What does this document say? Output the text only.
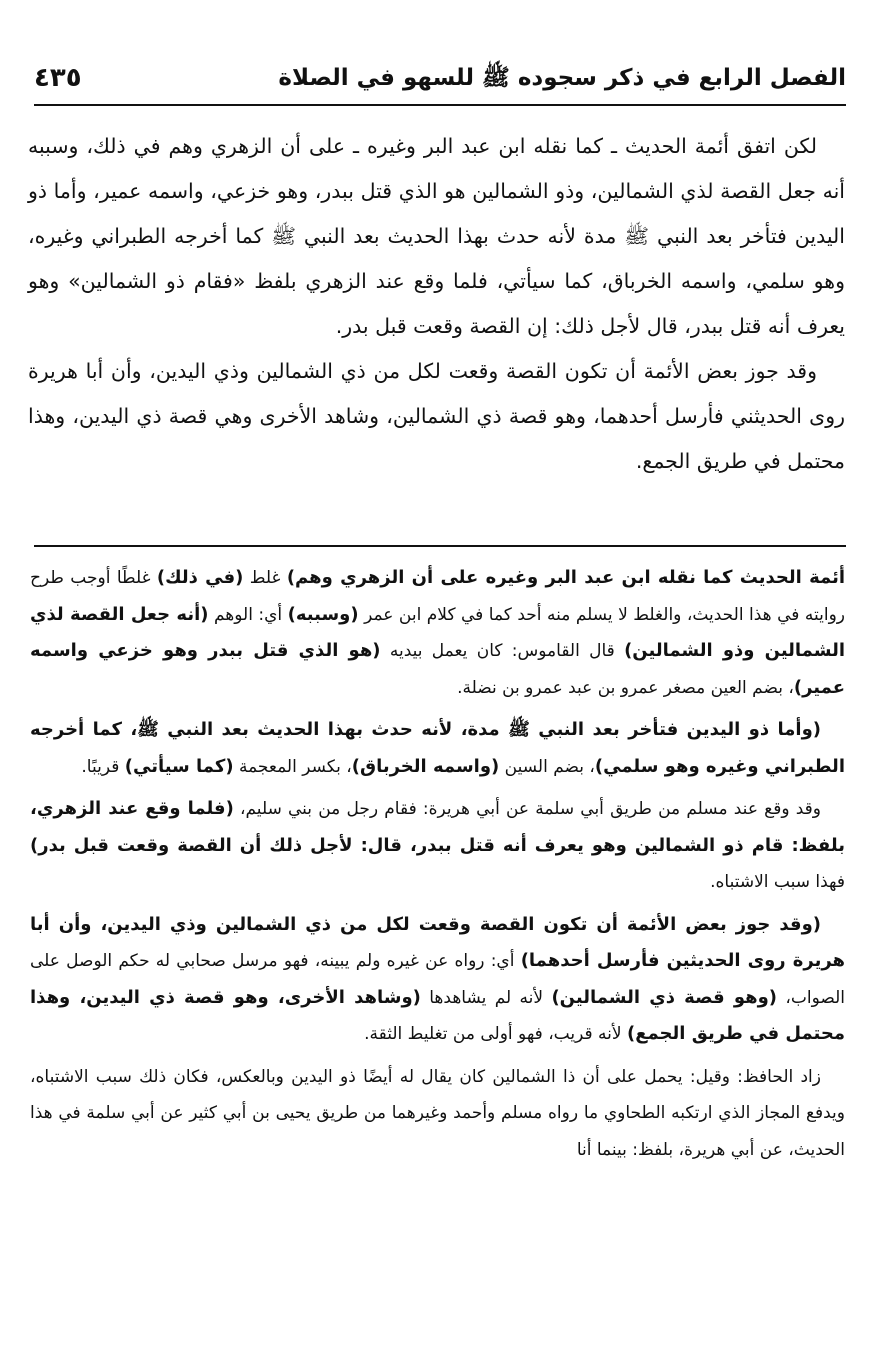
الفصل الرابع في ذكر سجوده ﷺ للسهو في الصلاة
٤٣٥

لكن اتفق أئمة الحديث ـ كما نقله ابن عبد البر وغيره ـ على أن الزهري وهم في ذلك، وسببه أنه جعل القصة لذي الشمالين، وذو الشمالين هو الذي قتل ببدر، وهو خزعي، واسمه عمير، وأما ذو اليدين فتأخر بعد النبي ﷺ مدة لأنه حدث بهذا الحديث بعد النبي ﷺ كما أخرجه الطبراني وغيره، وهو سلمي، واسمه الخرباق، كما سيأتي، فلما وقع عند الزهري بلفظ «فقام ذو الشمالين» وهو يعرف أنه قتل ببدر، قال لأجل ذلك: إن القصة وقعت قبل بدر.

وقد جوز بعض الأئمة أن تكون القصة وقعت لكل من ذي الشمالين وذي اليدين، وأن أبا هريرة روى الحديثني فأرسل أحدهما، وهو قصة ذي الشمالين، وشاهد الأخرى وهي قصة ذي اليدين، وهذا محتمل في طريق الجمع.

أئمة الحديث كما نقله ابن عبد البر وغيره على أن الزهري وهم) غلط (في ذلك) غلطًا أوجب طرح روايته في هذا الحديث، والغلط لا يسلم منه أحد كما في كلام ابن عمر (وسببه) أي: الوهم (أنه جعل القصة لذي الشمالين وذو الشمالين) قال القاموس: كان يعمل بيديه (هو الذي قتل ببدر وهو خزعي واسمه عمير)، بضم العين مصغر عمرو بن عبد عمرو بن نضلة.

(وأما ذو اليدين فتأخر بعد النبي ﷺ مدة، لأنه حدث بهذا الحديث بعد النبي ﷺ، كما أخرجه الطبراني وغيره وهو سلمي)، بضم السين (واسمه الخرباق)، بكسر المعجمة (كما سيأتي) قريبًا.

وقد وقع عند مسلم من طريق أبي سلمة عن أبي هريرة: فقام رجل من بني سليم، (فلما وقع عند الزهري، بلفظ: قام ذو الشمالين وهو يعرف أنه قتل ببدر، قال: لأجل ذلك أن القصة وقعت قبل بدر) فهذا سبب الاشتباه.

(وقد جوز بعض الأئمة أن تكون القصة وقعت لكل من ذي الشمالين وذي اليدين، وأن أبا هريرة روى الحديثين فأرسل أحدهما) أي: رواه عن غيره ولم يبينه، فهو مرسل صحابي له حكم الوصل على الصواب، (وهو قصة ذي الشمالين) لأنه لم يشاهدها (وشاهد الأخرى، وهو قصة ذي اليدين، وهذا محتمل في طريق الجمع) لأنه قريب، فهو أولى من تغليط الثقة.

زاد الحافظ: وقيل: يحمل على أن ذا الشمالين كان يقال له أيضًا ذو اليدين وبالعكس، فكان ذلك سبب الاشتباه، ويدفع المجاز الذي ارتكبه الطحاوي ما رواه مسلم وأحمد وغيرهما من طريق يحيى بن أبي كثير عن أبي سلمة في هذا الحديث، عن أبي هريرة، بلفظ: بينما أنا
